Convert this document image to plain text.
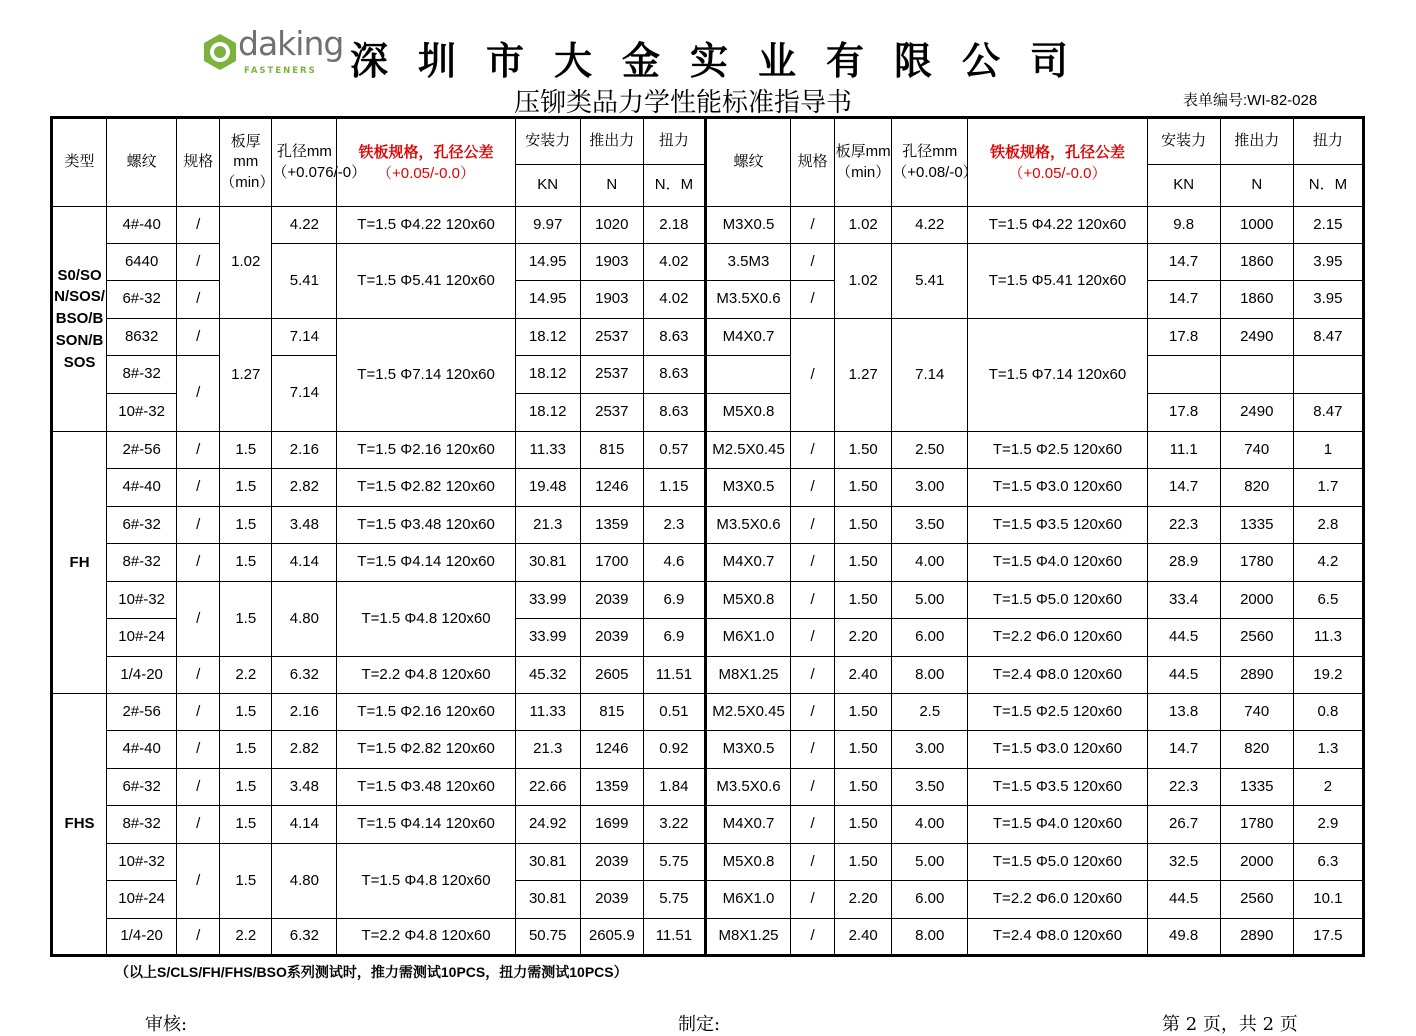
daking
FASTENERS 深圳市大金实业有限公司
压铆类品力学性能标准指导书	表单编号:WI-82-028
类型	螺纹	规格	板厚mm（min）	孔径mm（+0.076/-0）	铁板规格，孔径公差
（+0.05/-0.0）	安装力	推出力	扭力	螺纹	规格	板厚mm（min）	孔径mm（+0.08/-0）	铁板规格，孔径公差
（+0.05/-0.0）	安装力	推出力	扭力
						KN	N	N．M						KN	N	N．M
S0/SON/SOS/BSO/BSON/BSOS	4#-40	/	1.02	4.22	T=1.5 Φ4.22 120x60	9.97	1020	2.18	M3X0.5	/	1.02	4.22	T=1.5 Φ4.22 120x60	9.8	1000	2.15
	6440	/		5.41	T=1.5 Φ5.41 120x60	14.95	1903	4.02	3.5M3	/	1.02	5.41	T=1.5 Φ5.41 120x60	14.7	1860	3.95
	6#-32	/				14.95	1903	4.02	M3.5X0.6	/				14.7	1860	3.95
	8632	/	1.27	7.14	T=1.5 Φ7.14 120x60	18.12	2537	8.63	M4X0.7	/	1.27	7.14	T=1.5 Φ7.14 120x60	17.8	2490	8.47
	8#-32	/		7.14		18.12	2537	8.63								
	10#-32					18.12	2537	8.63	M5X0.8					17.8	2490	8.47
FH	2#-56	/	1.5	2.16	T=1.5 Φ2.16 120x60	11.33	815	0.57	M2.5X0.45	/	1.50	2.50	T=1.5 Φ2.5 120x60	11.1	740	1
	4#-40	/	1.5	2.82	T=1.5 Φ2.82 120x60	19.48	1246	1.15	M3X0.5	/	1.50	3.00	T=1.5 Φ3.0 120x60	14.7	820	1.7
	6#-32	/	1.5	3.48	T=1.5 Φ3.48 120x60	21.3	1359	2.3	M3.5X0.6	/	1.50	3.50	T=1.5 Φ3.5 120x60	22.3	1335	2.8
	8#-32	/	1.5	4.14	T=1.5 Φ4.14 120x60	30.81	1700	4.6	M4X0.7	/	1.50	4.00	T=1.5 Φ4.0 120x60	28.9	1780	4.2
	10#-32	/	1.5	4.80	T=1.5 Φ4.8 120x60	33.99	2039	6.9	M5X0.8	/	1.50	5.00	T=1.5 Φ5.0 120x60	33.4	2000	6.5
	10#-24					33.99	2039	6.9	M6X1.0	/	2.20	6.00	T=2.2 Φ6.0 120x60	44.5	2560	11.3
	1/4-20	/	2.2	6.32	T=2.2 Φ4.8 120x60	45.32	2605	11.51	M8X1.25	/	2.40	8.00	T=2.4 Φ8.0 120x60	44.5	2890	19.2
FHS	2#-56	/	1.5	2.16	T=1.5 Φ2.16 120x60	11.33	815	0.51	M2.5X0.45	/	1.50	2.5	T=1.5 Φ2.5 120x60	13.8	740	0.8
	4#-40	/	1.5	2.82	T=1.5 Φ2.82 120x60	21.3	1246	0.92	M3X0.5	/	1.50	3.00	T=1.5 Φ3.0 120x60	14.7	820	1.3
	6#-32	/	1.5	3.48	T=1.5 Φ3.48 120x60	22.66	1359	1.84	M3.5X0.6	/	1.50	3.50	T=1.5 Φ3.5 120x60	22.3	1335	2
	8#-32	/	1.5	4.14	T=1.5 Φ4.14 120x60	24.92	1699	3.22	M4X0.7	/	1.50	4.00	T=1.5 Φ4.0 120x60	26.7	1780	2.9
	10#-32	/	1.5	4.80	T=1.5 Φ4.8 120x60	30.81	2039	5.75	M5X0.8	/	1.50	5.00	T=1.5 Φ5.0 120x60	32.5	2000	6.3
	10#-24					30.81	2039	5.75	M6X1.0	/	2.20	6.00	T=2.2 Φ6.0 120x60	44.5	2560	10.1
	1/4-20	/	2.2	6.32	T=2.2 Φ4.8 120x60	50.75	2605.9	11.51	M8X1.25	/	2.40	8.00	T=2.4 Φ8.0 120x60	49.8	2890	17.5
（以上S/CLS/FH/FHS/BSO系列测试时，推力需测试10PCS，扭力需测试10PCS）
审核:	制定:	第 2 页，共 2 页
